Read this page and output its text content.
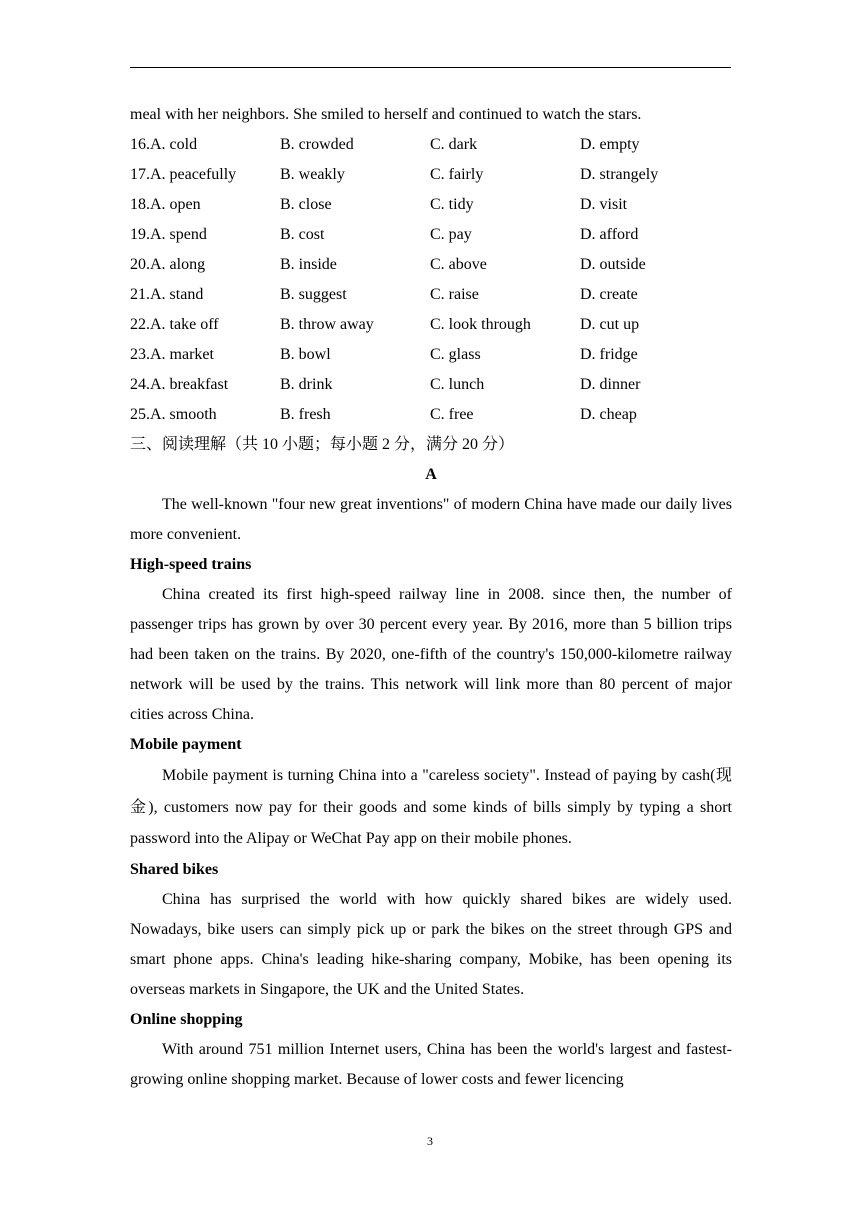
meal with her neighbors. She smiled to herself and continued to watch the stars.
16.A. cold	B. crowded	C. dark	D. empty
17.A. peacefully	B. weakly	C. fairly	D. strangely
18.A. open	B. close	C. tidy	D. visit
19.A. spend	B. cost	C. pay	D. afford
20.A. along	B. inside	C. above	D. outside
21.A. stand	B. suggest	C. raise	D. create
22.A. take off	B. throw away	C. look through	D. cut up
23.A. market	B. bowl	C. glass	D. fridge
24.A. breakfast	B. drink	C. lunch	D. dinner
25.A. smooth	B. fresh	C. free	D. cheap
三、阅读理解（共 10 小题；每小题 2 分，满分 20 分）
A

The well-known "four new great inventions" of modern China have made our daily lives more convenient.

High-speed trains

China created its first high-speed railway line in 2008. since then, the number of passenger trips has grown by over 30 percent every year. By 2016, more than 5 billion trips had been taken on the trains. By 2020, one-fifth of the country's 150,000-kilometre railway network will be used by the trains. This network will link more than 80 percent of major cities across China.

Mobile payment

Mobile payment is turning China into a "careless society". Instead of paying by cash(现金), customers now pay for their goods and some kinds of bills simply by typing a short password into the Alipay or WeChat Pay app on their mobile phones.

Shared bikes

China has surprised the world with how quickly shared bikes are widely used. Nowadays, bike users can simply pick up or park the bikes on the street through GPS and smart phone apps. China's leading hike-sharing company, Mobike, has been opening its overseas markets in Singapore, the UK and the United States.

Online shopping

With around 751 million Internet users, China has been the world's largest and fastest-growing online shopping market. Because of lower costs and fewer licencing

3
